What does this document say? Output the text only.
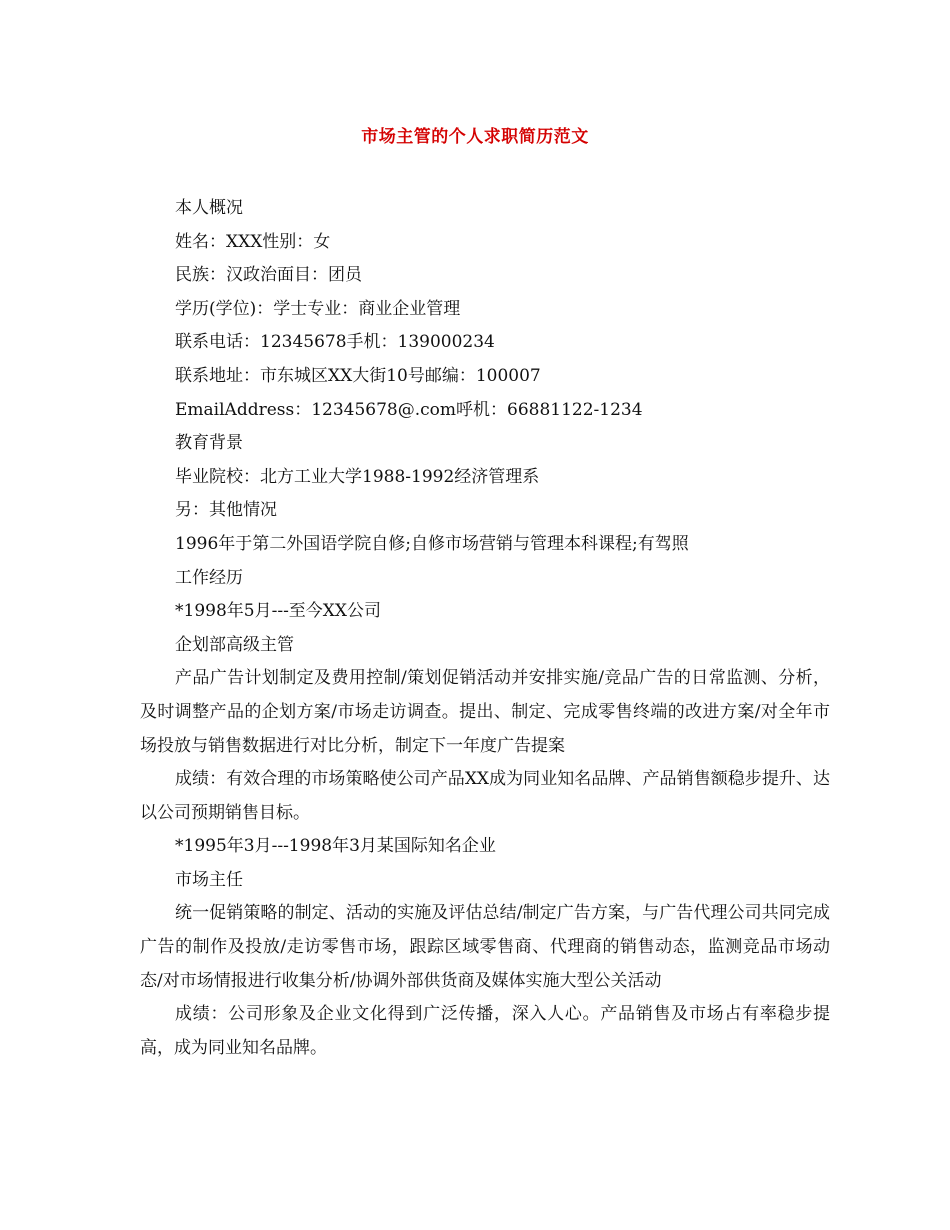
市场主管的个人求职简历范文
本人概况
姓名：XXX性别：女
民族：汉政治面目：团员
学历(学位)：学士专业：商业企业管理
联系电话：12345678手机：139000234
联系地址：市东城区XX大街10号邮编：100007
EmailAddress：12345678@.com呼机：66881122-1234
教育背景
毕业院校：北方工业大学1988-1992经济管理系
另：其他情况
1996年于第二外国语学院自修;自修市场营销与管理本科课程;有驾照
工作经历
*1998年5月---至今XX公司
企划部高级主管
产品广告计划制定及费用控制/策划促销活动并安排实施/竞品广告的日常监测、分析，及时调整产品的企划方案/市场走访调查。提出、制定、完成零售终端的改进方案/对全年市场投放与销售数据进行对比分析，制定下一年度广告提案
成绩：有效合理的市场策略使公司产品XX成为同业知名品牌、产品销售额稳步提升、达以公司预期销售目标。
*1995年3月---1998年3月某国际知名企业
市场主任
统一促销策略的制定、活动的实施及评估总结/制定广告方案，与广告代理公司共同完成广告的制作及投放/走访零售市场，跟踪区域零售商、代理商的销售动态，监测竞品市场动态/对市场情报进行收集分析/协调外部供货商及媒体实施大型公关活动
成绩：公司形象及企业文化得到广泛传播，深入人心。产品销售及市场占有率稳步提高，成为同业知名品牌。
